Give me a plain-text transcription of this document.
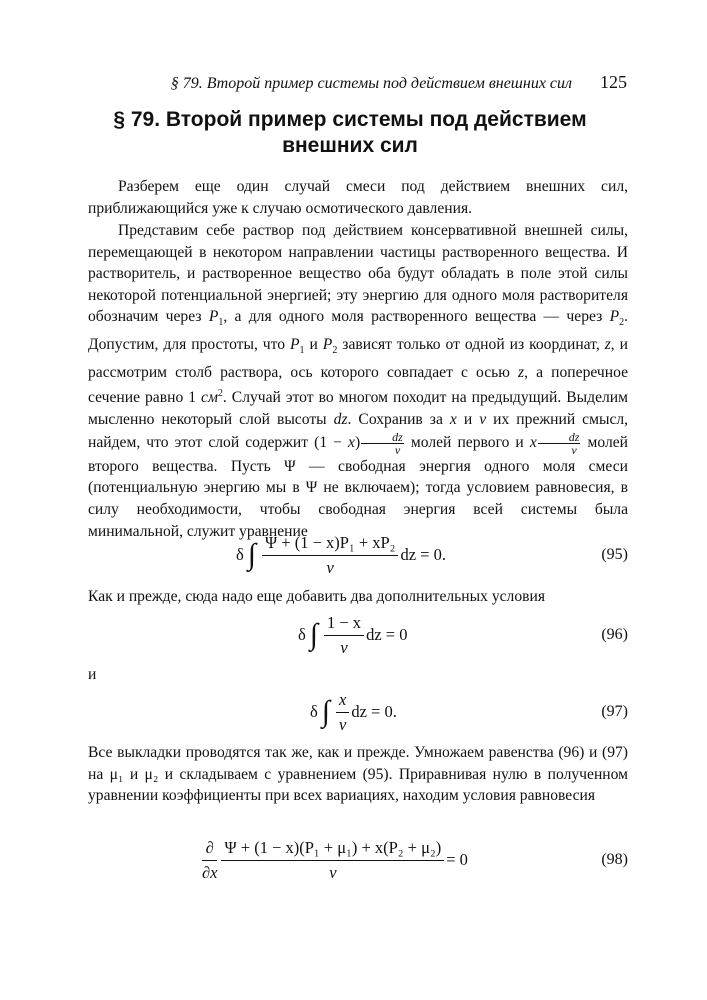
§ 79. Второй пример системы под действием внешних сил 125
§ 79. Второй пример системы под действием внешних сил

Разберем еще один случай смеси под действием внешних сил, приближающийся уже к случаю осмотического давления.

Представим себе раствор под действием консервативной внешней силы, перемещающей в некотором направлении частицы растворенного вещества. И растворитель, и растворенное вещество оба будут обладать в поле этой силы некоторой потенциальной энергией; эту энергию для одного моля растворителя обозначим через $P_1$, а для одного моля растворенного вещества — через $P_2$. Допустим, для простоты, что $P_1$ и $P_2$ зависят только от одной из координат, z, и рассмотрим столб раствора, ось которого совпадает с осью z, а поперечное сечение равно 1 $см^2$. Случай этот во многом походит на предыдущий. Выделим мысленно некоторый слой высоты dz. Сохранив за x и v их прежний смысл, найдем, что этот слой содержит $(1 - x) \frac{dz}{v}$ молей первого и x $\frac{dz}{v}$ молей второго вещества. Пусть Ψ — свободная энергия одного моля смеси (потенциальную энергию мы в Ψ не включаем); тогда условием равновесия, в силу необходимости, чтобы свободная энергия всей системы была минимальной, служит уравнение

δ ∫ $\frac{\text{Ψ + (1 − x)P₁ + xP₂}}{v}$ dz = 0.	(95)

Как и прежде, сюда надо еще добавить два дополнительных условия

δ ∫ $\frac{1 - x}{v}$ dz = 0	(96)

и

δ ∫ $\frac{x}{v}$ dz = 0.	(97)

Все выкладки проводятся так же, как и прежде. Умножаем равенства (96) и (97) на μ₁ и μ₂ и складываем с уравнением (95). Приравнивая нулю в полученном уравнении коэффициенты при всех вариациях, находим условия равновесия

∂
$\partial x \frac{\text{Ψ + (1 − x)(P₁ + μ₁) + x(P₂ + μ₂)}}{v} = 0$	(98)
